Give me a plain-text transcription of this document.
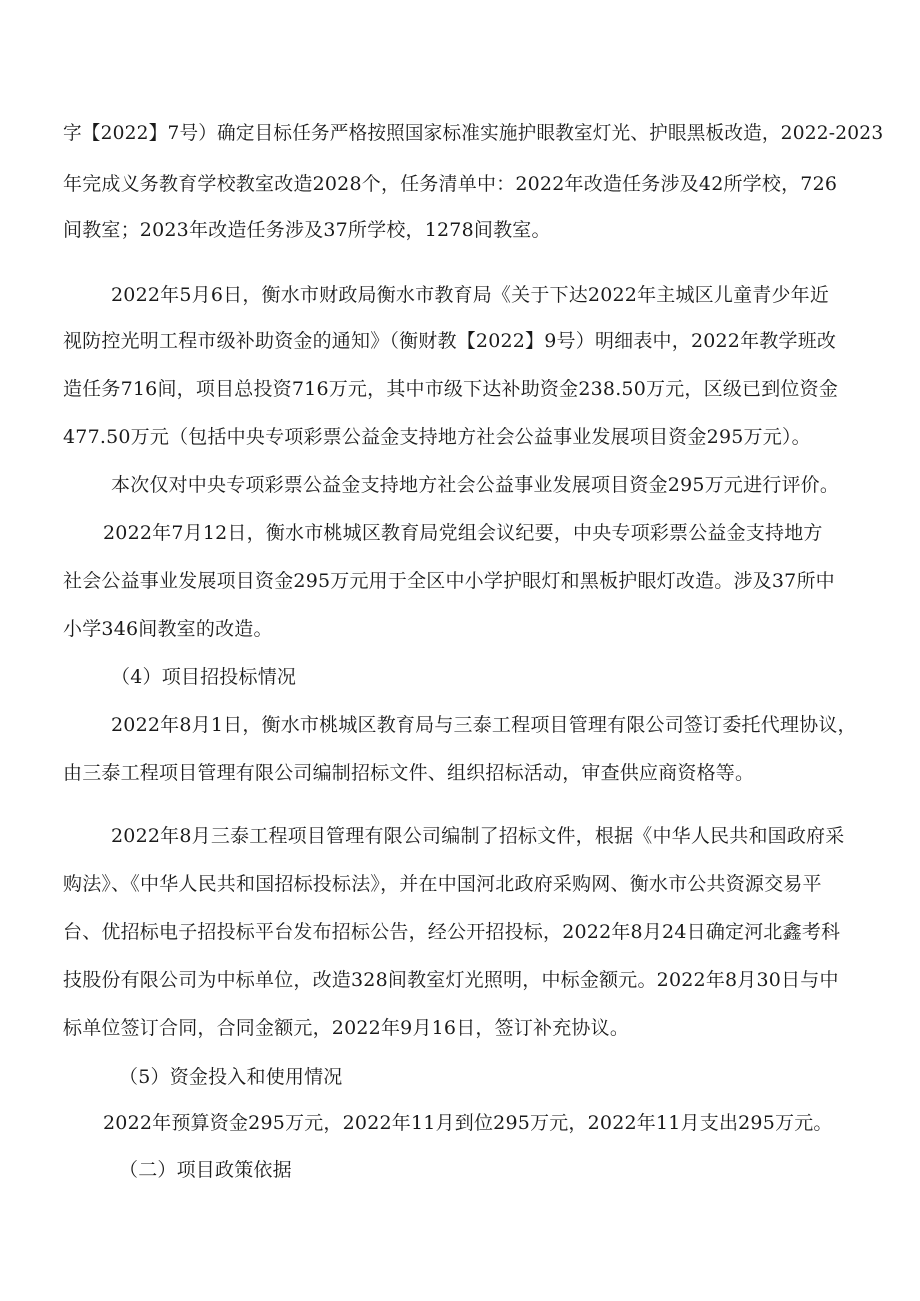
字【2022】7号）确定目标任务严格按照国家标准实施护眼教室灯光、护眼黑板改造，2022-2023
年完成义务教育学校教室改造2028个，任务清单中：2022年改造任务涉及42所学校，726
间教室；2023年改造任务涉及37所学校，1278间教室。
2022年5月6日，衡水市财政局衡水市教育局《关于下达2022年主城区儿童青少年近
视防控光明工程市级补助资金的通知》（衡财教【2022】9号）明细表中，2022年教学班改
造任务716间，项目总投资716万元，其中市级下达补助资金238.50万元，区级已到位资金
477.50万元（包括中央专项彩票公益金支持地方社会公益事业发展项目资金295万元）。
本次仅对中央专项彩票公益金支持地方社会公益事业发展项目资金295万元进行评价。
2022年7月12日，衡水市桃城区教育局党组会议纪要，中央专项彩票公益金支持地方
社会公益事业发展项目资金295万元用于全区中小学护眼灯和黑板护眼灯改造。涉及37所中
小学346间教室的改造。
（4）项目招投标情况
2022年8月1日，衡水市桃城区教育局与三泰工程项目管理有限公司签订委托代理协议，
由三泰工程项目管理有限公司编制招标文件、组织招标活动，审查供应商资格等。
2022年8月三泰工程项目管理有限公司编制了招标文件，根据《中华人民共和国政府采
购法》、《中华人民共和国招标投标法》，并在中国河北政府采购网、衡水市公共资源交易平
台、优招标电子招投标平台发布招标公告，经公开招投标，2022年8月24日确定河北鑫考科
技股份有限公司为中标单位，改造328间教室灯光照明，中标金额元。2022年8月30日与中
标单位签订合同，合同金额元，2022年9月16日，签订补充协议。
（5）资金投入和使用情况
2022年预算资金295万元，2022年11月到位295万元，2022年11月支出295万元。
（二）项目政策依据
